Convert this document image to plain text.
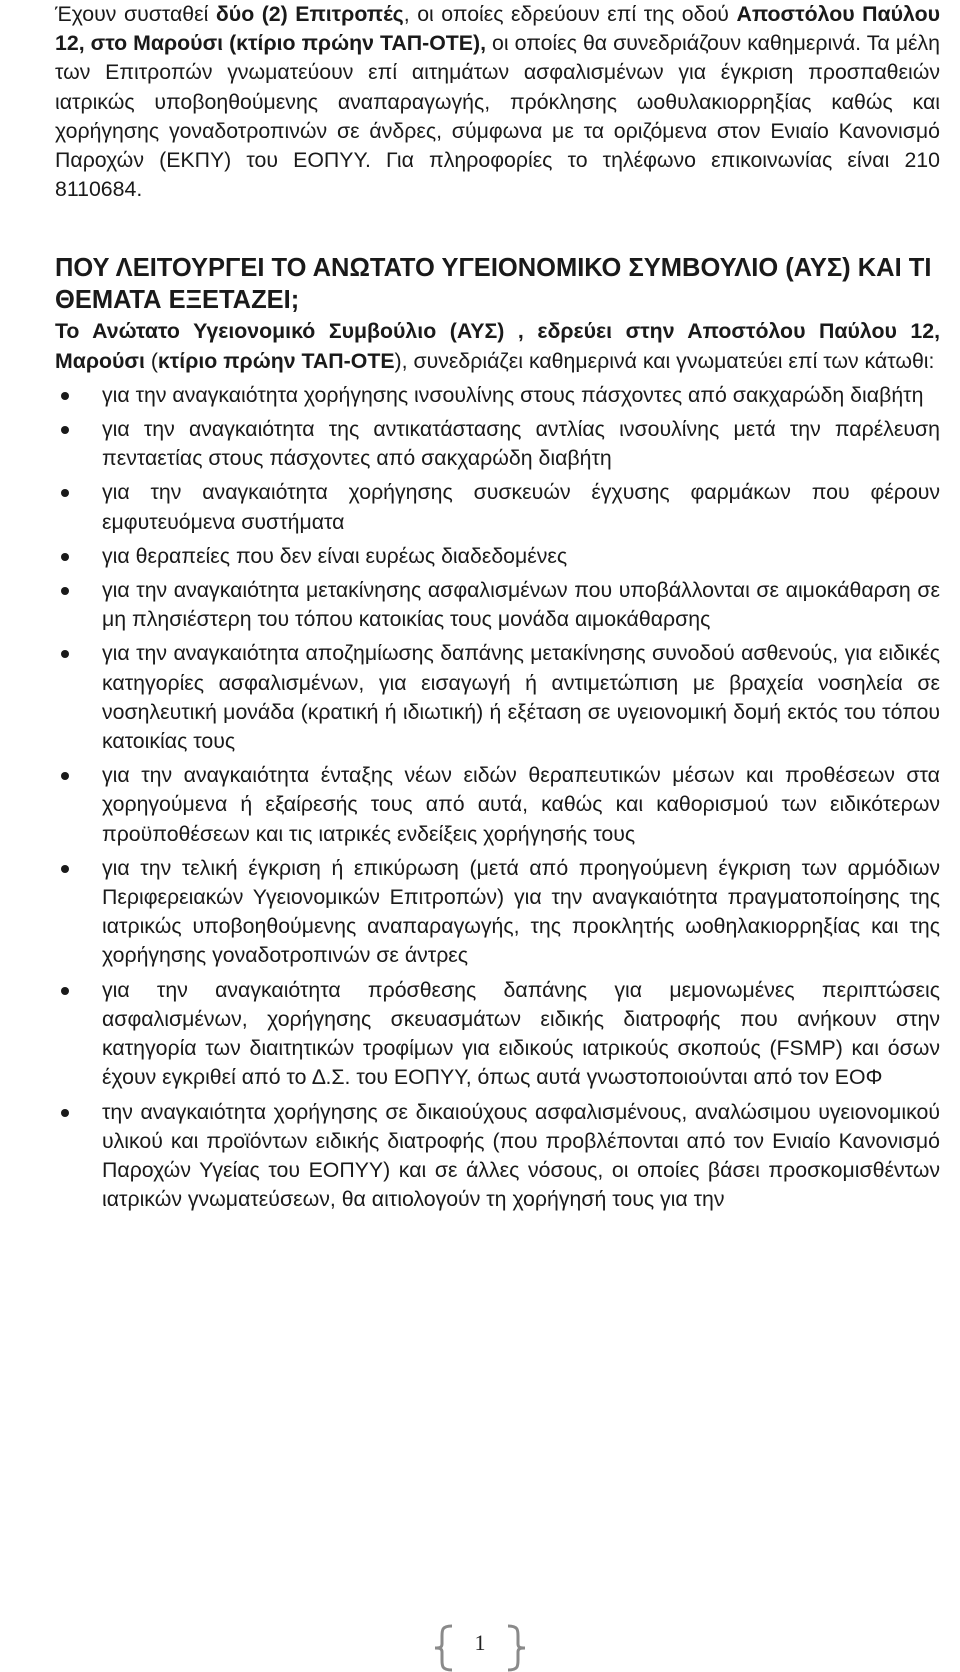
Έχουν συσταθεί δύο (2) Επιτροπές, οι οποίες εδρεύουν επί της οδού Αποστόλου Παύλου 12, στο Μαρούσι (κτίριο πρώην ΤΑΠ-ΟΤΕ), οι οποίες θα συνεδριάζουν καθημερινά. Τα μέλη των Επιτροπών γνωματεύουν επί αιτημάτων ασφαλισμένων για έγκριση προσπαθειών ιατρικώς υποβοηθούμενης αναπαραγωγής, πρόκλησης ωοθυλακιορρηξίας καθώς και χορήγησης γοναδοτροπινών σε άνδρες, σύμφωνα με τα οριζόμενα στον Ενιαίο Κανονισμό Παροχών (ΕΚΠΥ) του ΕΟΠΥΥ. Για πληροφορίες το τηλέφωνο επικοινωνίας είναι 210 8110684.

ΠΟΥ ΛΕΙΤΟΥΡΓΕΙ ΤΟ ΑΝΩΤΑΤΟ ΥΓΕΙΟΝΟΜΙΚΟ ΣΥΜΒΟΥΛΙΟ (ΑΥΣ) ΚΑΙ ΤΙ ΘΕΜΑΤΑ ΕΞΕΤΑΖΕΙ;

Το Ανώτατο Υγειονομικό Συμβούλιο (ΑΥΣ) , εδρεύει στην Αποστόλου Παύλου 12, Μαρούσι (κτίριο πρώην ΤΑΠ-ΟΤΕ), συνεδριάζει καθημερινά και γνωματεύει επί των κάτωθι:

για την αναγκαιότητα χορήγησης ινσουλίνης στους πάσχοντες από σακχαρώδη διαβήτη
για την αναγκαιότητα της αντικατάστασης αντλίας ινσουλίνης μετά την παρέλευση πενταετίας στους πάσχοντες από σακχαρώδη διαβήτη
για την αναγκαιότητα χορήγησης συσκευών έγχυσης φαρμάκων που φέρουν εμφυτευόμενα συστήματα
για θεραπείες που δεν είναι ευρέως διαδεδομένες
για την αναγκαιότητα μετακίνησης ασφαλισμένων που υποβάλλονται σε αιμοκάθαρση σε μη πλησιέστερη του τόπου κατοικίας τους μονάδα αιμοκάθαρσης
για την αναγκαιότητα αποζημίωσης δαπάνης μετακίνησης συνοδού ασθενούς, για ειδικές κατηγορίες ασφαλισμένων, για εισαγωγή ή αντιμετώπιση με βραχεία νοσηλεία σε νοσηλευτική μονάδα (κρατική ή ιδιωτική) ή εξέταση σε υγειονομική δομή εκτός του τόπου κατοικίας τους
για την αναγκαιότητα ένταξης νέων ειδών θεραπευτικών μέσων και προθέσεων στα χορηγούμενα ή εξαίρεσής τους από αυτά, καθώς και καθορισμού των ειδικότερων προϋποθέσεων και τις ιατρικές ενδείξεις χορήγησής τους
για την τελική έγκριση ή επικύρωση (μετά από προηγούμενη έγκριση των αρμόδιων Περιφερειακών Υγειονομικών Επιτροπών) για την αναγκαιότητα πραγματοποίησης της ιατρικώς υποβοηθούμενης αναπαραγωγής, της προκλητής ωοθηλακιορρηξίας και της χορήγησης γοναδοτροπινών σε άντρες
για την αναγκαιότητα πρόσθεσης δαπάνης για μεμονωμένες περιπτώσεις ασφαλισμένων, χορήγησης σκευασμάτων ειδικής διατροφής που ανήκουν στην κατηγορία των διαιτητικών τροφίμων για ειδικούς ιατρικούς σκοπούς (FSMP) και όσων έχουν εγκριθεί από το ∆.Σ. του ΕΟΠΥΥ, όπως αυτά γνωστοποιούνται από τον ΕΟΦ
την αναγκαιότητα χορήγησης σε δικαιούχους ασφαλισμένους, αναλώσιμου υγειονομικού υλικού και προϊόντων ειδικής διατροφής (που προβλέπονται από τον Ενιαίο Κανονισμό Παροχών Υγείας του ΕΟΠΥΥ) και σε άλλες νόσους, οι οποίες βάσει προσκομισθέντων ιατρικών γνωματεύσεων, θα αιτιολογούν τη χορήγησή τους για την
1
